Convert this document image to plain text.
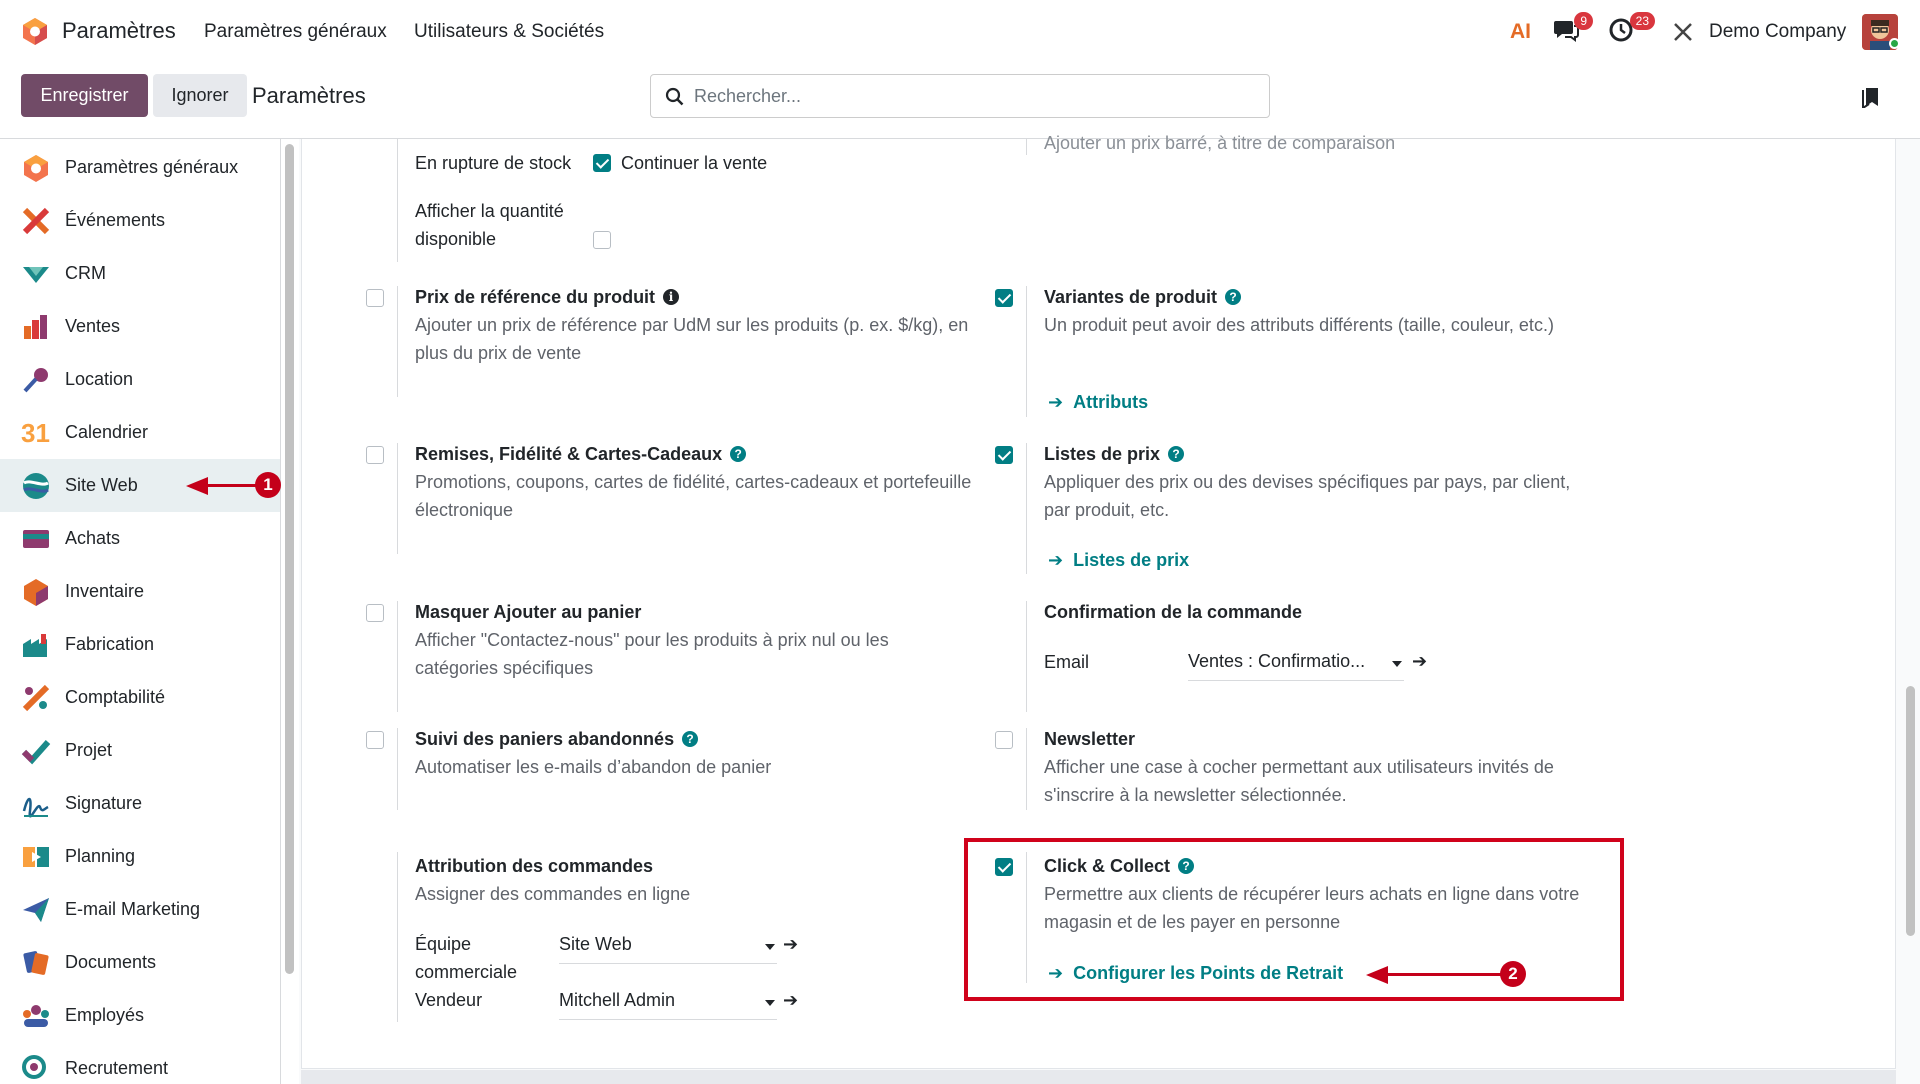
Paramètres Paramètres généraux Utilisateurs & Sociétés	AI	9	23	Demo Company
Enregistrer	Ignorer	Paramètres
Rechercher...
Paramètres généraux
Événements
CRM
Ventes
Location
31 Calendrier
Site Web
Achats
Inventaire
Fabrication
Comptabilité
Projet
Signature
Planning
E-mail Marketing
Documents
Employés
Recrutement
Ajouter un prix barré, à titre de comparaison
En rupture de stock	Continuer la vente
Afficher la quantité
disponible
Prix de référence du produit i
Ajouter un prix de référence par UdM sur les produits (p. ex. $/kg), en plus du prix de vente
Variantes de produit ?
Un produit peut avoir des attributs différents (taille, couleur, etc.)
➔ Attributs
Remises, Fidélité & Cartes-Cadeaux ?
Promotions, coupons, cartes de fidélité, cartes-cadeaux et portefeuille électronique
Listes de prix ?
Appliquer des prix ou des devises spécifiques par pays, par client, par produit, etc.
➔ Listes de prix
Masquer Ajouter au panier
Afficher "Contactez-nous" pour les produits à prix nul ou les catégories spécifiques
Confirmation de la commande
Email	Ventes : Confirmatio...	➔
Suivi des paniers abandonnés ?
Automatiser les e-mails d’abandon de panier
Newsletter
Afficher une case à cocher permettant aux utilisateurs invités de s'inscrire à la newsletter sélectionnée.
Attribution des commandes
Assigner des commandes en ligne
Équipe
commerciale
Site Web	➔
Vendeur	Mitchell Admin	➔
Click & Collect ?
Permettre aux clients de récupérer leurs achats en ligne dans votre magasin et de les payer en personne
➔ Configurer les Points de Retrait
1
2
